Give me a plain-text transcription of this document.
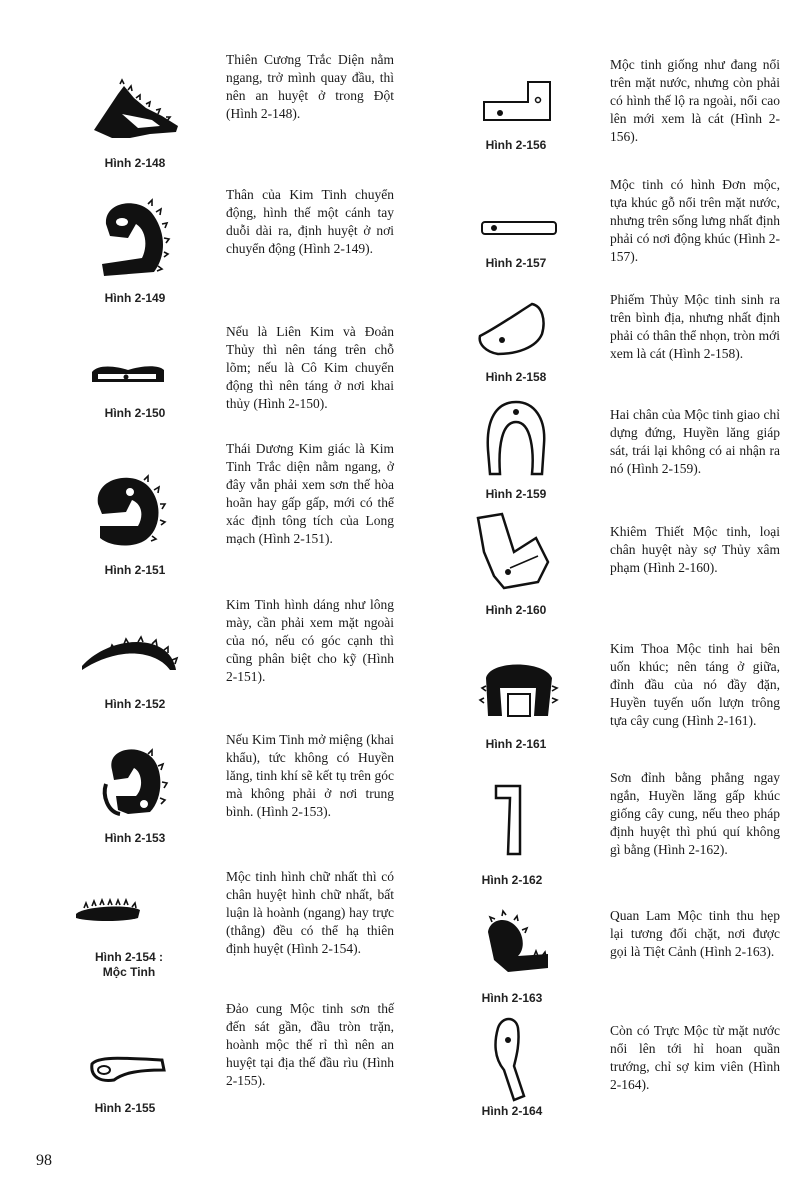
Hình 2-148
Hình 2-149
Hình 2-150
Hình 2-151
Hình 2-152
Hình 2-153
Hình 2-154 :
Mộc Tinh
Hình 2-155
Thiên Cương Trắc Diện nằm ngang, trở mình quay đầu, thì nên an huyệt ở trong Đột (Hình 2-148).
Thân của Kim Tinh chuyển động, hình thế một cánh tay duỗi dài ra, định huyệt ở nơi chuyển động (Hình 2-149).
Nếu là Liên Kim và Đoản Thủy thì nên táng trên chỗ lõm; nếu là Cô Kim chuyển động thì nên táng ở nơi khai thủy (Hình 2-150).
Thái Dương Kim giác là Kim Tinh Trắc diện nằm ngang, ở đây vẫn phải xem sơn thế hòa hoãn hay gấp gấp, mới có thể xác định tông tích của Long mạch (Hình 2-151).
Kim Tinh hình dáng như lông mày, cần phải xem mặt ngoài của nó, nếu có góc cạnh thì cũng phân biệt cho kỹ (Hình 2-151).
Nếu Kim Tinh mở miệng (khai khẩu), tức không có Huyền lăng, tinh khí sẽ kết tụ trên góc mà không phải ở nơi trung bình. (Hình 2-153).
Mộc tinh hình chữ nhất thì có chân huyệt hình chữ nhất, bất luận là hoành (ngang) hay trực (thẳng) đều có thể hạ thiên định huyệt (Hình 2-154).
Đảo cung Mộc tinh sơn thế đến sát gần, đầu tròn trặn, hoành mộc thế rỉ thì nên an huyệt tại địa thế đầu rìu (Hình 2-155).
Hình 2-156
Hình 2-157
Hình 2-158
Hình 2-159
Hình 2-160
Hình 2-161
Hình 2-162
Hình 2-163
Hình 2-164
Mộc tinh giống như đang nổi trên mặt nước, nhưng còn phải có hình thế lộ ra ngoài, nổi cao lên mới xem là cát (Hình 2-156).
Mộc tinh có hình Đơn mộc, tựa khúc gỗ nổi trên mặt nước, nhưng trên sống lưng nhất định phải có nơi động khúc (Hình 2-157).
Phiếm Thủy Mộc tinh sinh ra trên bình địa, nhưng nhất định phải có thân thể nhọn, tròn mới xem là cát (Hình 2-158).
Hai chân của Mộc tinh giao chỉ dựng đứng, Huyền lăng giáp sát, trái lại không có ai nhận ra nó (Hình 2-159).
Khiêm Thiết Mộc tinh, loại chân huyệt này sợ Thủy xâm phạm (Hình 2-160).
Kim Thoa Mộc tinh hai bên uốn khúc; nên táng ở giữa, đỉnh đầu của nó đầy đặn, Huyền tuyến uốn lượn trông tựa cây cung (Hình 2-161).
Sơn đỉnh bằng phẳng ngay ngắn, Huyền lăng gấp khúc giống cây cung, nếu theo pháp định huyệt thì phú quí không gì bằng (Hình 2-162).
Quan Lam Mộc tinh thu hẹp lại tương đối chặt, nơi được gọi là Tiệt Cảnh (Hình 2-163).
Còn có Trực Mộc từ mặt nước nổi lên tới hỉ hoan quần trướng, chỉ sợ kim viên (Hình 2-164).
98
